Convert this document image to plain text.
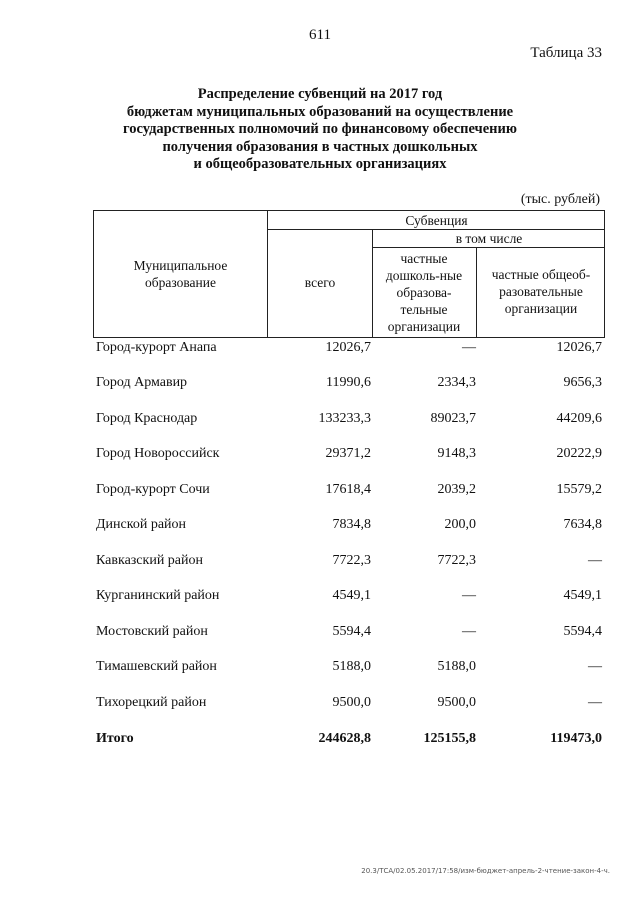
611
Таблица 33
Распределение субвенций на 2017 год
бюджетам муниципальных образований на осуществление
государственных полномочий по финансовому обеспечению
получения образования в частных дошкольных
и общеобразовательных организациях
(тыс. рублей)
Муниципальное образование
Субвенция
всего
в том числе
частные дошколь-ные образова-тельные организации
частные общеоб-разовательные организации
Город-курорт Анапа	12026,7	—	12026,7
Город Армавир	11990,6	2334,3	9656,3
Город Краснодар	133233,3	89023,7	44209,6
Город Новороссийск	29371,2	9148,3	20222,9
Город-курорт Сочи	17618,4	2039,2	15579,2
Динской район	7834,8	200,0	7634,8
Кавказский район	7722,3	7722,3	—
Курганинский район	4549,1	—	4549,1
Мостовский район	5594,4	—	5594,4
Тимашевский район	5188,0	5188,0	—
Тихорецкий район	9500,0	9500,0	—
Итого	244628,8	125155,8	119473,0
20.3/ТСА/02.05.2017/17:58/изм-бюджет-апрель-2-чтение-закон-4-ч.
